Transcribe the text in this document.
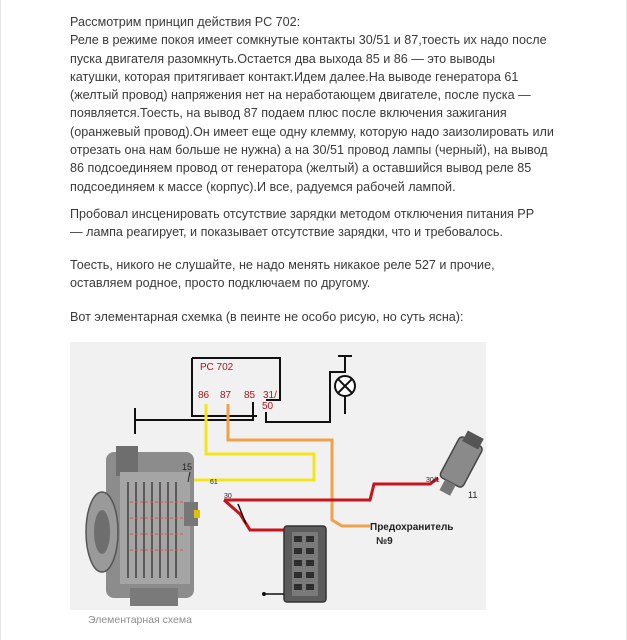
Рассмотрим принцип действия РС 702:
Реле в режиме покоя имеет сомкнутые контакты 30/51 и 87,тоесть их надо после
пуска двигателя разомкнуть.Остается два выхода 85 и 86 — это выводы
катушки, которая притягивает контакт.Идем далее.На выводе генератора 61
(желтый провод) напряжения нет на неработающем двигателе, после пуска —
появляется.Тоесть, на вывод 87 подаем плюс после включения зажигания
(оранжевый провод).Он имеет еще одну клемму, которую надо заизолировать или
отрезать она нам больше не нужна) а на 30/51 провод лампы (черный), на вывод
86 подсоединяем провод от генератора (желтый) а оставшийся вывод реле 85
подсоединяем к массе (корпус).И все, радуемся рабочей лампой.
Пробовал инсценировать отсутствие зарядки методом отключения питания РР
— лампа реагирует, и показывает отсутствие зарядки, что и требовалось.
Тоесть, никого не слушайте, не надо менять никакое реле 527 и прочие,
оставляем родное, просто подключаем по другому.
Вот элементарная схемка (в пеинте не особо рисую, но суть ясна):
РС 702
86 87 85 31/
50
15
61
30
30/1
11
Предохранитель
№9
Элементарная схема
